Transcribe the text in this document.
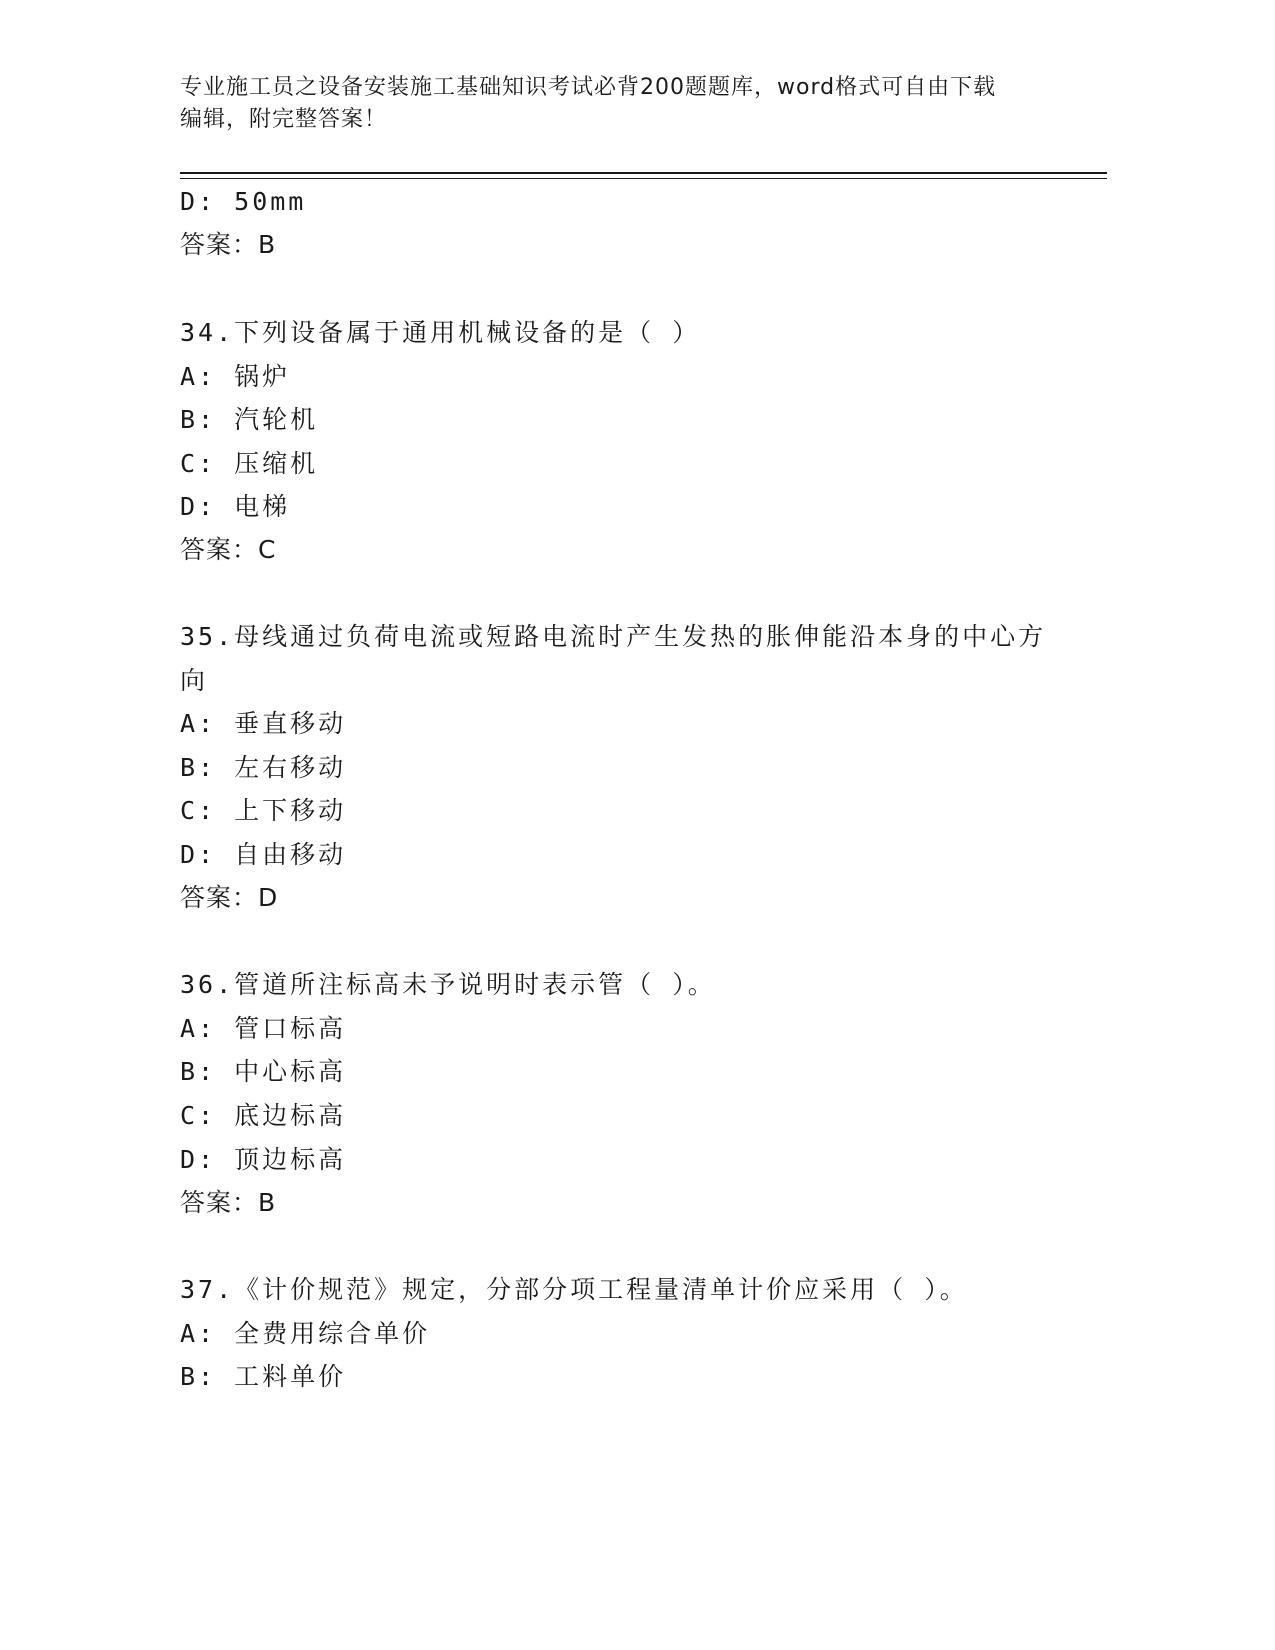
专业施工员之设备安装施工基础知识考试必背200题题库，word格式可自由下载
编辑，附完整答案！
D: 50mm
答案：B
34.下列设备属于通用机械设备的是（ ）
A: 锅炉
B: 汽轮机
C: 压缩机
D: 电梯
答案：C
35.母线通过负荷电流或短路电流时产生发热的胀伸能沿本身的中心方
向
A: 垂直移动
B: 左右移动
C: 上下移动
D: 自由移动
答案：D
36.管道所注标高未予说明时表示管（ ）。
A: 管口标高
B: 中心标高
C: 底边标高
D: 顶边标高
答案：B
37.《计价规范》规定，分部分项工程量清单计价应采用（ ）。
A: 全费用综合单价
B: 工料单价
